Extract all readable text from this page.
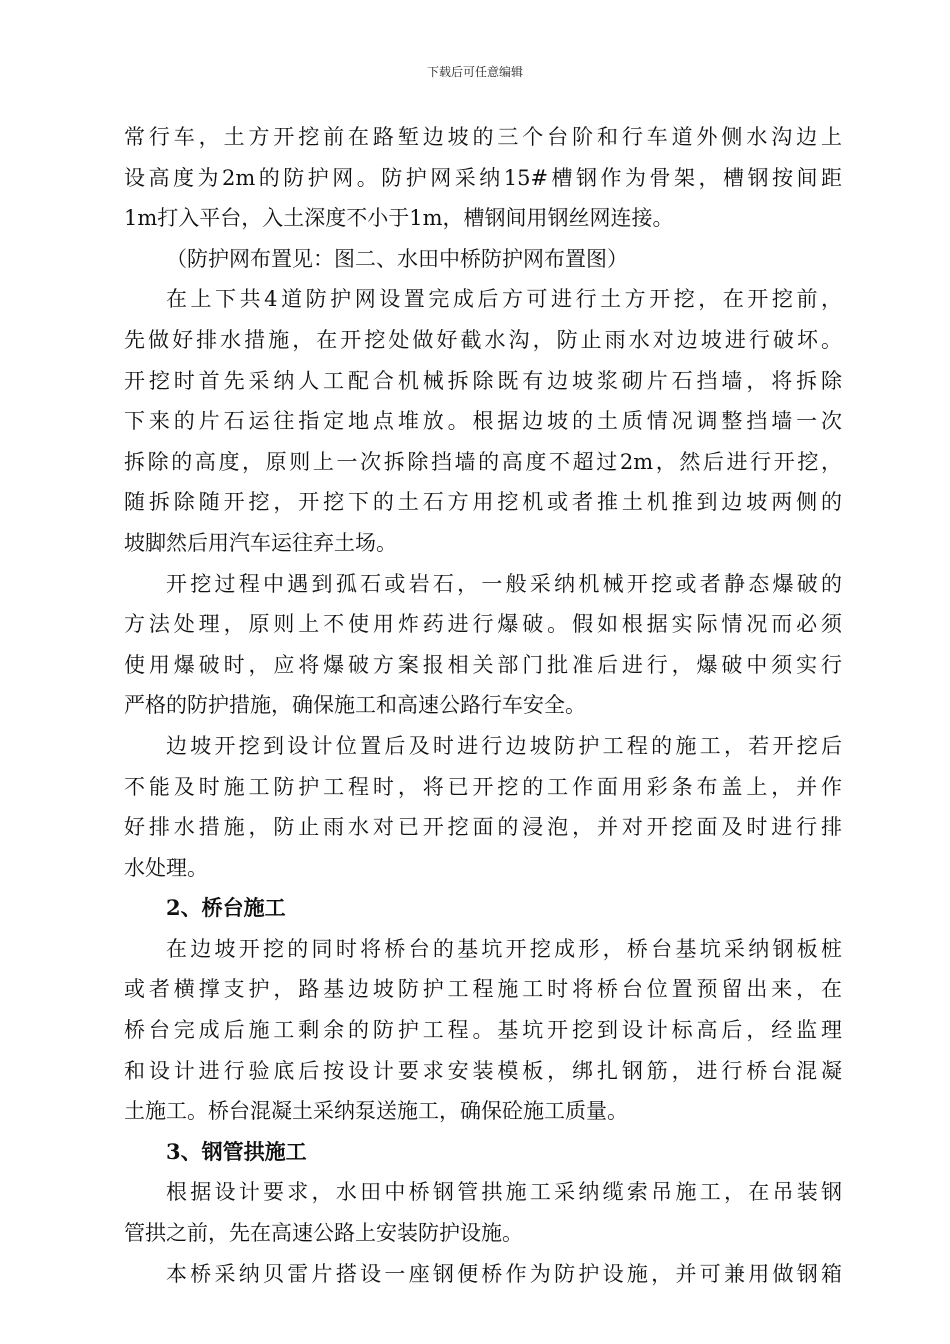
下载后可任意编辑
常行车，土方开挖前在路堑边坡的三个台阶和行车道外侧水沟边上
设高度为2m的防护网。防护网采纳15#槽钢作为骨架，槽钢按间距
1m打入平台，入土深度不小于1m，槽钢间用钢丝网连接。
（防护网布置见：图二、水田中桥防护网布置图）
在上下共4道防护网设置完成后方可进行土方开挖，在开挖前，
先做好排水措施，在开挖处做好截水沟，防止雨水对边坡进行破坏。
开挖时首先采纳人工配合机械拆除既有边坡浆砌片石挡墙，将拆除
下来的片石运往指定地点堆放。根据边坡的土质情况调整挡墙一次
拆除的高度，原则上一次拆除挡墙的高度不超过2m，然后进行开挖，
随拆除随开挖，开挖下的土石方用挖机或者推土机推到边坡两侧的
坡脚然后用汽车运往弃土场。
开挖过程中遇到孤石或岩石，一般采纳机械开挖或者静态爆破的
方法处理，原则上不使用炸药进行爆破。假如根据实际情况而必须
使用爆破时，应将爆破方案报相关部门批准后进行，爆破中须实行
严格的防护措施，确保施工和高速公路行车安全。
边坡开挖到设计位置后及时进行边坡防护工程的施工，若开挖后
不能及时施工防护工程时，将已开挖的工作面用彩条布盖上，并作
好排水措施，防止雨水对已开挖面的浸泡，并对开挖面及时进行排
水处理。
2、桥台施工
在边坡开挖的同时将桥台的基坑开挖成形，桥台基坑采纳钢板桩
或者横撑支护，路基边坡防护工程施工时将桥台位置预留出来，在
桥台完成后施工剩余的防护工程。基坑开挖到设计标高后，经监理
和设计进行验底后按设计要求安装模板，绑扎钢筋，进行桥台混凝
土施工。桥台混凝土采纳泵送施工，确保砼施工质量。
3、钢管拱施工
根据设计要求，水田中桥钢管拱施工采纳缆索吊施工，在吊装钢
管拱之前，先在高速公路上安装防护设施。
本桥采纳贝雷片搭设一座钢便桥作为防护设施，并可兼用做钢箱
